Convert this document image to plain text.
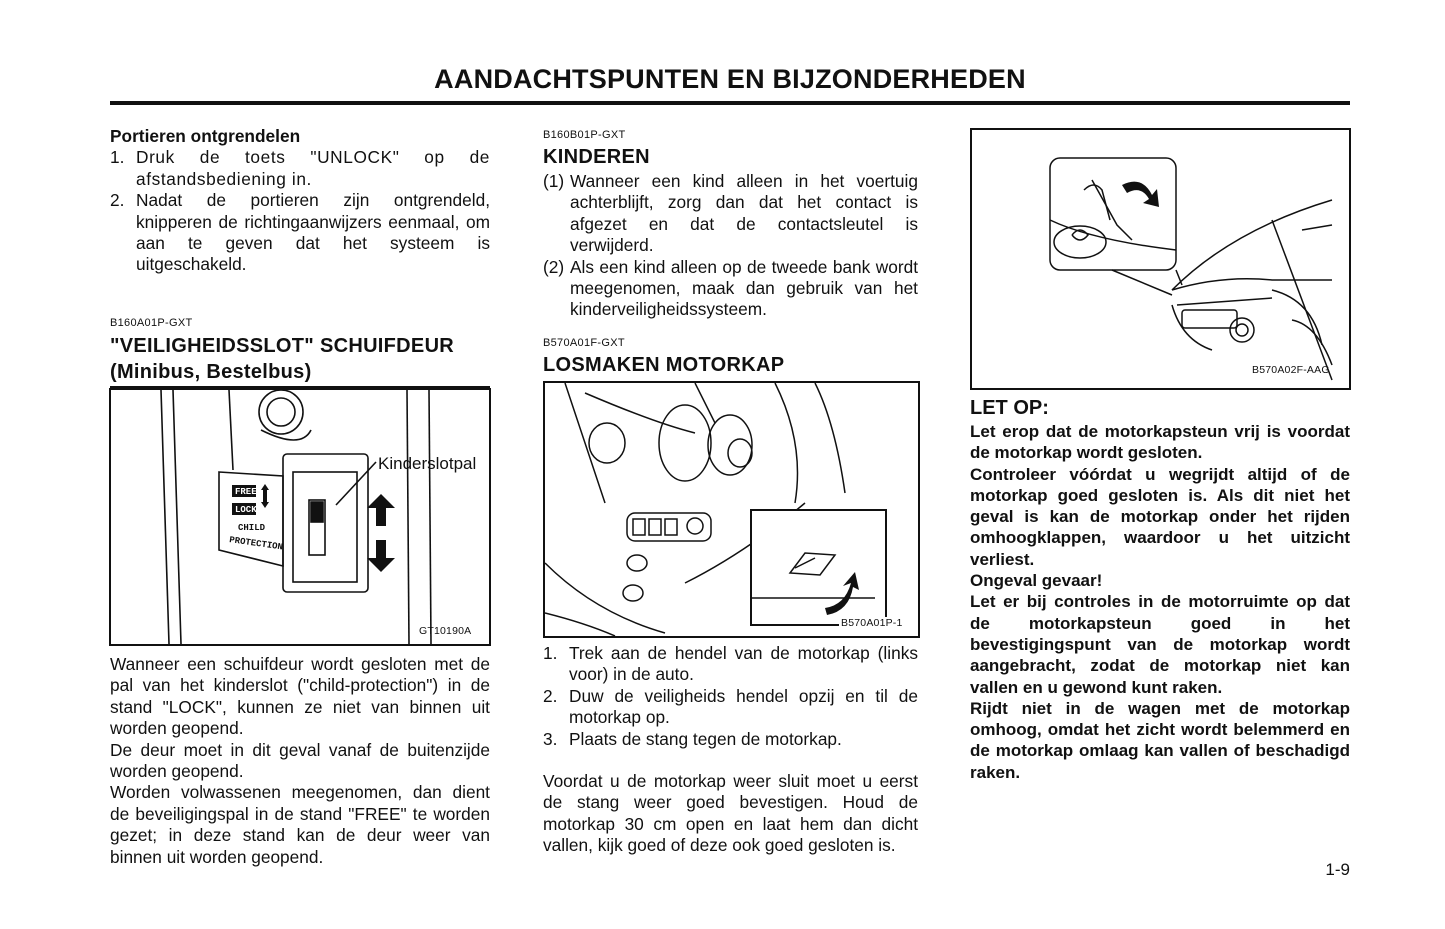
AANDACHTSPUNTEN EN BIJZONDERHEDEN
Portieren ontgrendelen
1. Druk de toets "UNLOCK" op de afstandsbediening in.
2. Nadat de portieren zijn ontgrendeld, knipperen de richtingaanwijzers eenmaal, om aan te geven dat het systeem is uitgeschakeld.
B160A01P-GXT
"VEILIGHEIDSSLOT" SCHUIFDEUR
(Minibus, Bestelbus)
FREE
LOCK
CHILD
PROTECTION
Kinderslotpal
GT10190A
Wanneer een schuifdeur wordt gesloten met de pal van het kinderslot ("child-protection") in de stand "LOCK", kunnen ze niet van binnen uit worden geopend.
De deur moet in dit geval vanaf de buitenzijde worden geopend.
Worden volwassenen meegenomen, dan dient de beveiligingspal in de stand "FREE" te worden gezet; in deze stand kan de deur weer van binnen uit worden geopend.
B160B01P-GXT
KINDEREN
(1) Wanneer een kind alleen in het voertuig achterblijft, zorg dan dat het contact is afgezet en dat de contactsleutel is verwijderd.
(2) Als een kind alleen op de tweede bank wordt meegenomen, maak dan gebruik van het kinderveiligheidssysteem.
B570A01F-GXT
LOSMAKEN MOTORKAP
B570A01P-1
1. Trek aan de hendel van de motorkap (links voor) in de auto.
2. Duw de veiligheids hendel opzij en til de motorkap op.
3. Plaats de stang tegen de motorkap.
Voordat u de motorkap weer sluit moet u eerst de stang weer goed bevestigen. Houd de motorkap 30 cm open en laat hem dan dicht vallen, kijk goed of deze ook goed gesloten is.
B570A02F-AAG
LET OP:
Let erop dat de motorkapsteun vrij is voordat de motorkap wordt gesloten.
Controleer vóórdat u wegrijdt altijd of de motorkap goed gesloten is. Als dit niet het geval is kan de motorkap onder het rijden omhoogklappen, waardoor u het uitzicht verliest.
Ongeval gevaar!
Let er bij controles in de motorruimte op dat de motorkapsteun goed in het bevestigingspunt van de motorkap wordt aangebracht, zodat de motorkap niet kan vallen en u gewond kunt raken.
Rijdt niet in de wagen met de motorkap omhoog, omdat het zicht wordt belemmerd en de motorkap omlaag kan vallen of beschadigd raken.
1-9
